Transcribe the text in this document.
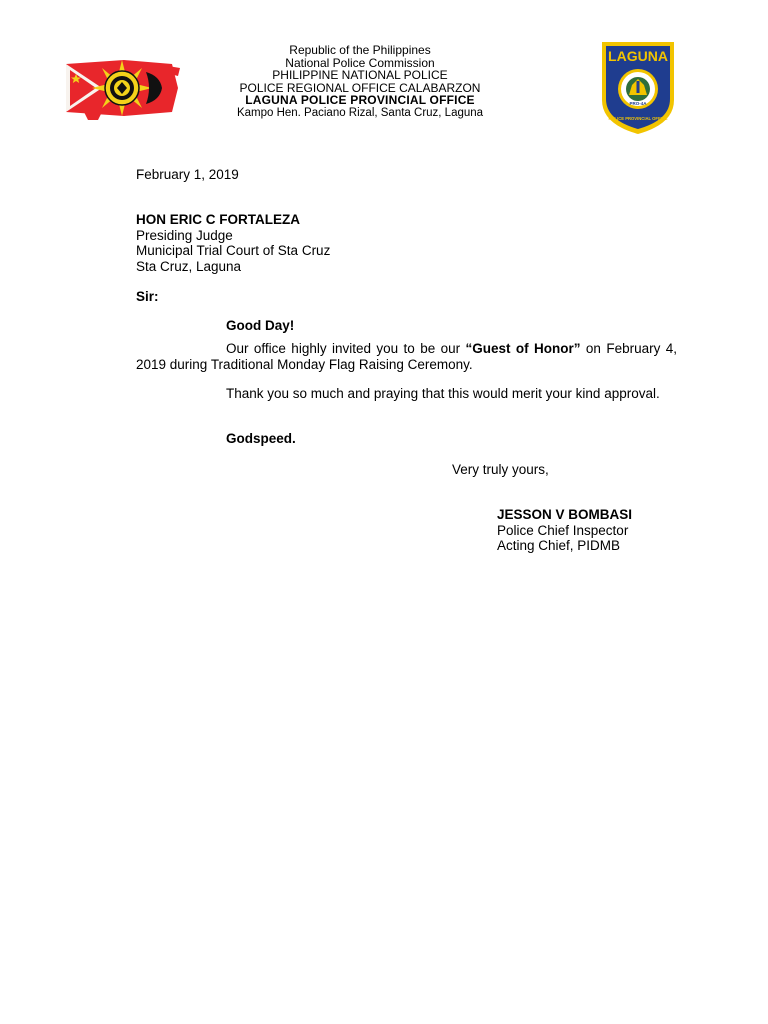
Republic of the Philippines
National Police Commission
PHILIPPINE NATIONAL POLICE
POLICE REGIONAL OFFICE CALABARZON
LAGUNA POLICE PROVINCIAL OFFICE
Kampo Hen. Paciano Rizal, Santa Cruz, Laguna
LAGUNA
PRO-4A
POLICE PROVINCIAL OFFICE
February 1, 2019
HON ERIC C FORTALEZA
Presiding Judge
Municipal Trial Court of Sta Cruz
Sta Cruz, Laguna
Sir:
Good Day!
Our office highly invited you to be our “Guest of Honor” on February 4, 2019 during Traditional Monday Flag Raising Ceremony.
Thank you so much and praying that this would merit your kind approval.
Godspeed.
Very truly yours,
JESSON V BOMBASI
Police Chief Inspector
Acting Chief, PIDMB
